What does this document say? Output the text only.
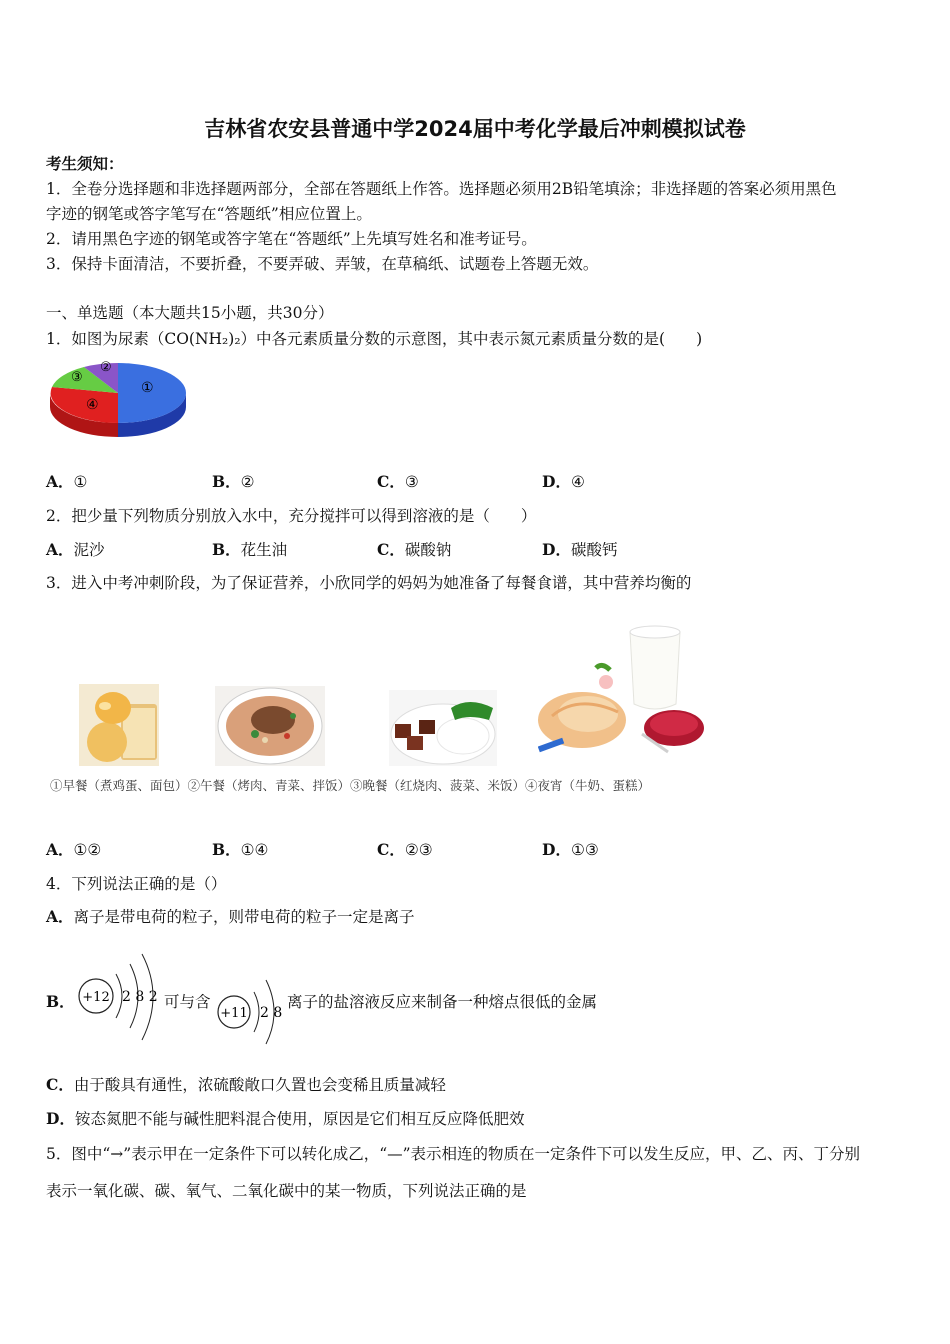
吉林省农安县普通中学2024届中考化学最后冲刺模拟试卷
考生须知：
1．全卷分选择题和非选择题两部分，全部在答题纸上作答。选择题必须用2B铅笔填涂；非选择题的答案必须用黑色
字迹的钢笔或答字笔写在“答题纸”相应位置上。
2．请用黑色字迹的钢笔或答字笔在“答题纸”上先填写姓名和准考证号。
3．保持卡面清洁，不要折叠，不要弄破、弄皱，在草稿纸、试题卷上答题无效。
一、单选题（本大题共15小题，共30分）
1．如图为尿素（CO(NH₂)₂）中各元素质量分数的示意图，其中表示氮元素质量分数的是(　　)
①
②
③
④
A．①	B．②	C．③	D．④
2．把少量下列物质分别放入水中，充分搅拌可以得到溶液的是（　　）
A．泥沙	B．花生油	C．碳酸钠	D．碳酸钙
3．进入中考冲刺阶段，为了保证营养，小欣同学的妈妈为她准备了每餐食谱，其中营养均衡的
①早餐（煮鸡蛋、面包）②午餐（烤肉、青菜、拌饭）③晚餐（红烧肉、菠菜、米饭）④夜宵（牛奶、蛋糕）
A．①②	B．①④	C．②③	D．①③
4．下列说法正确的是（）
A．离子是带电荷的粒子，则带电荷的粒子一定是离子
B． +12 2 8 2 可与含
+11 2 8
离子的盐溶液反应来制备一种熔点很低的金属
C．由于酸具有通性，浓硫酸敞口久置也会变稀且质量减轻
D．铵态氮肥不能与碱性肥料混合使用，原因是它们相互反应降低肥效
5．图中“→”表示甲在一定条件下可以转化成乙，“—”表示相连的物质在一定条件下可以发生反应，甲、乙、丙、丁分别
表示一氧化碳、碳、氧气、二氧化碳中的某一物质，下列说法正确的是
